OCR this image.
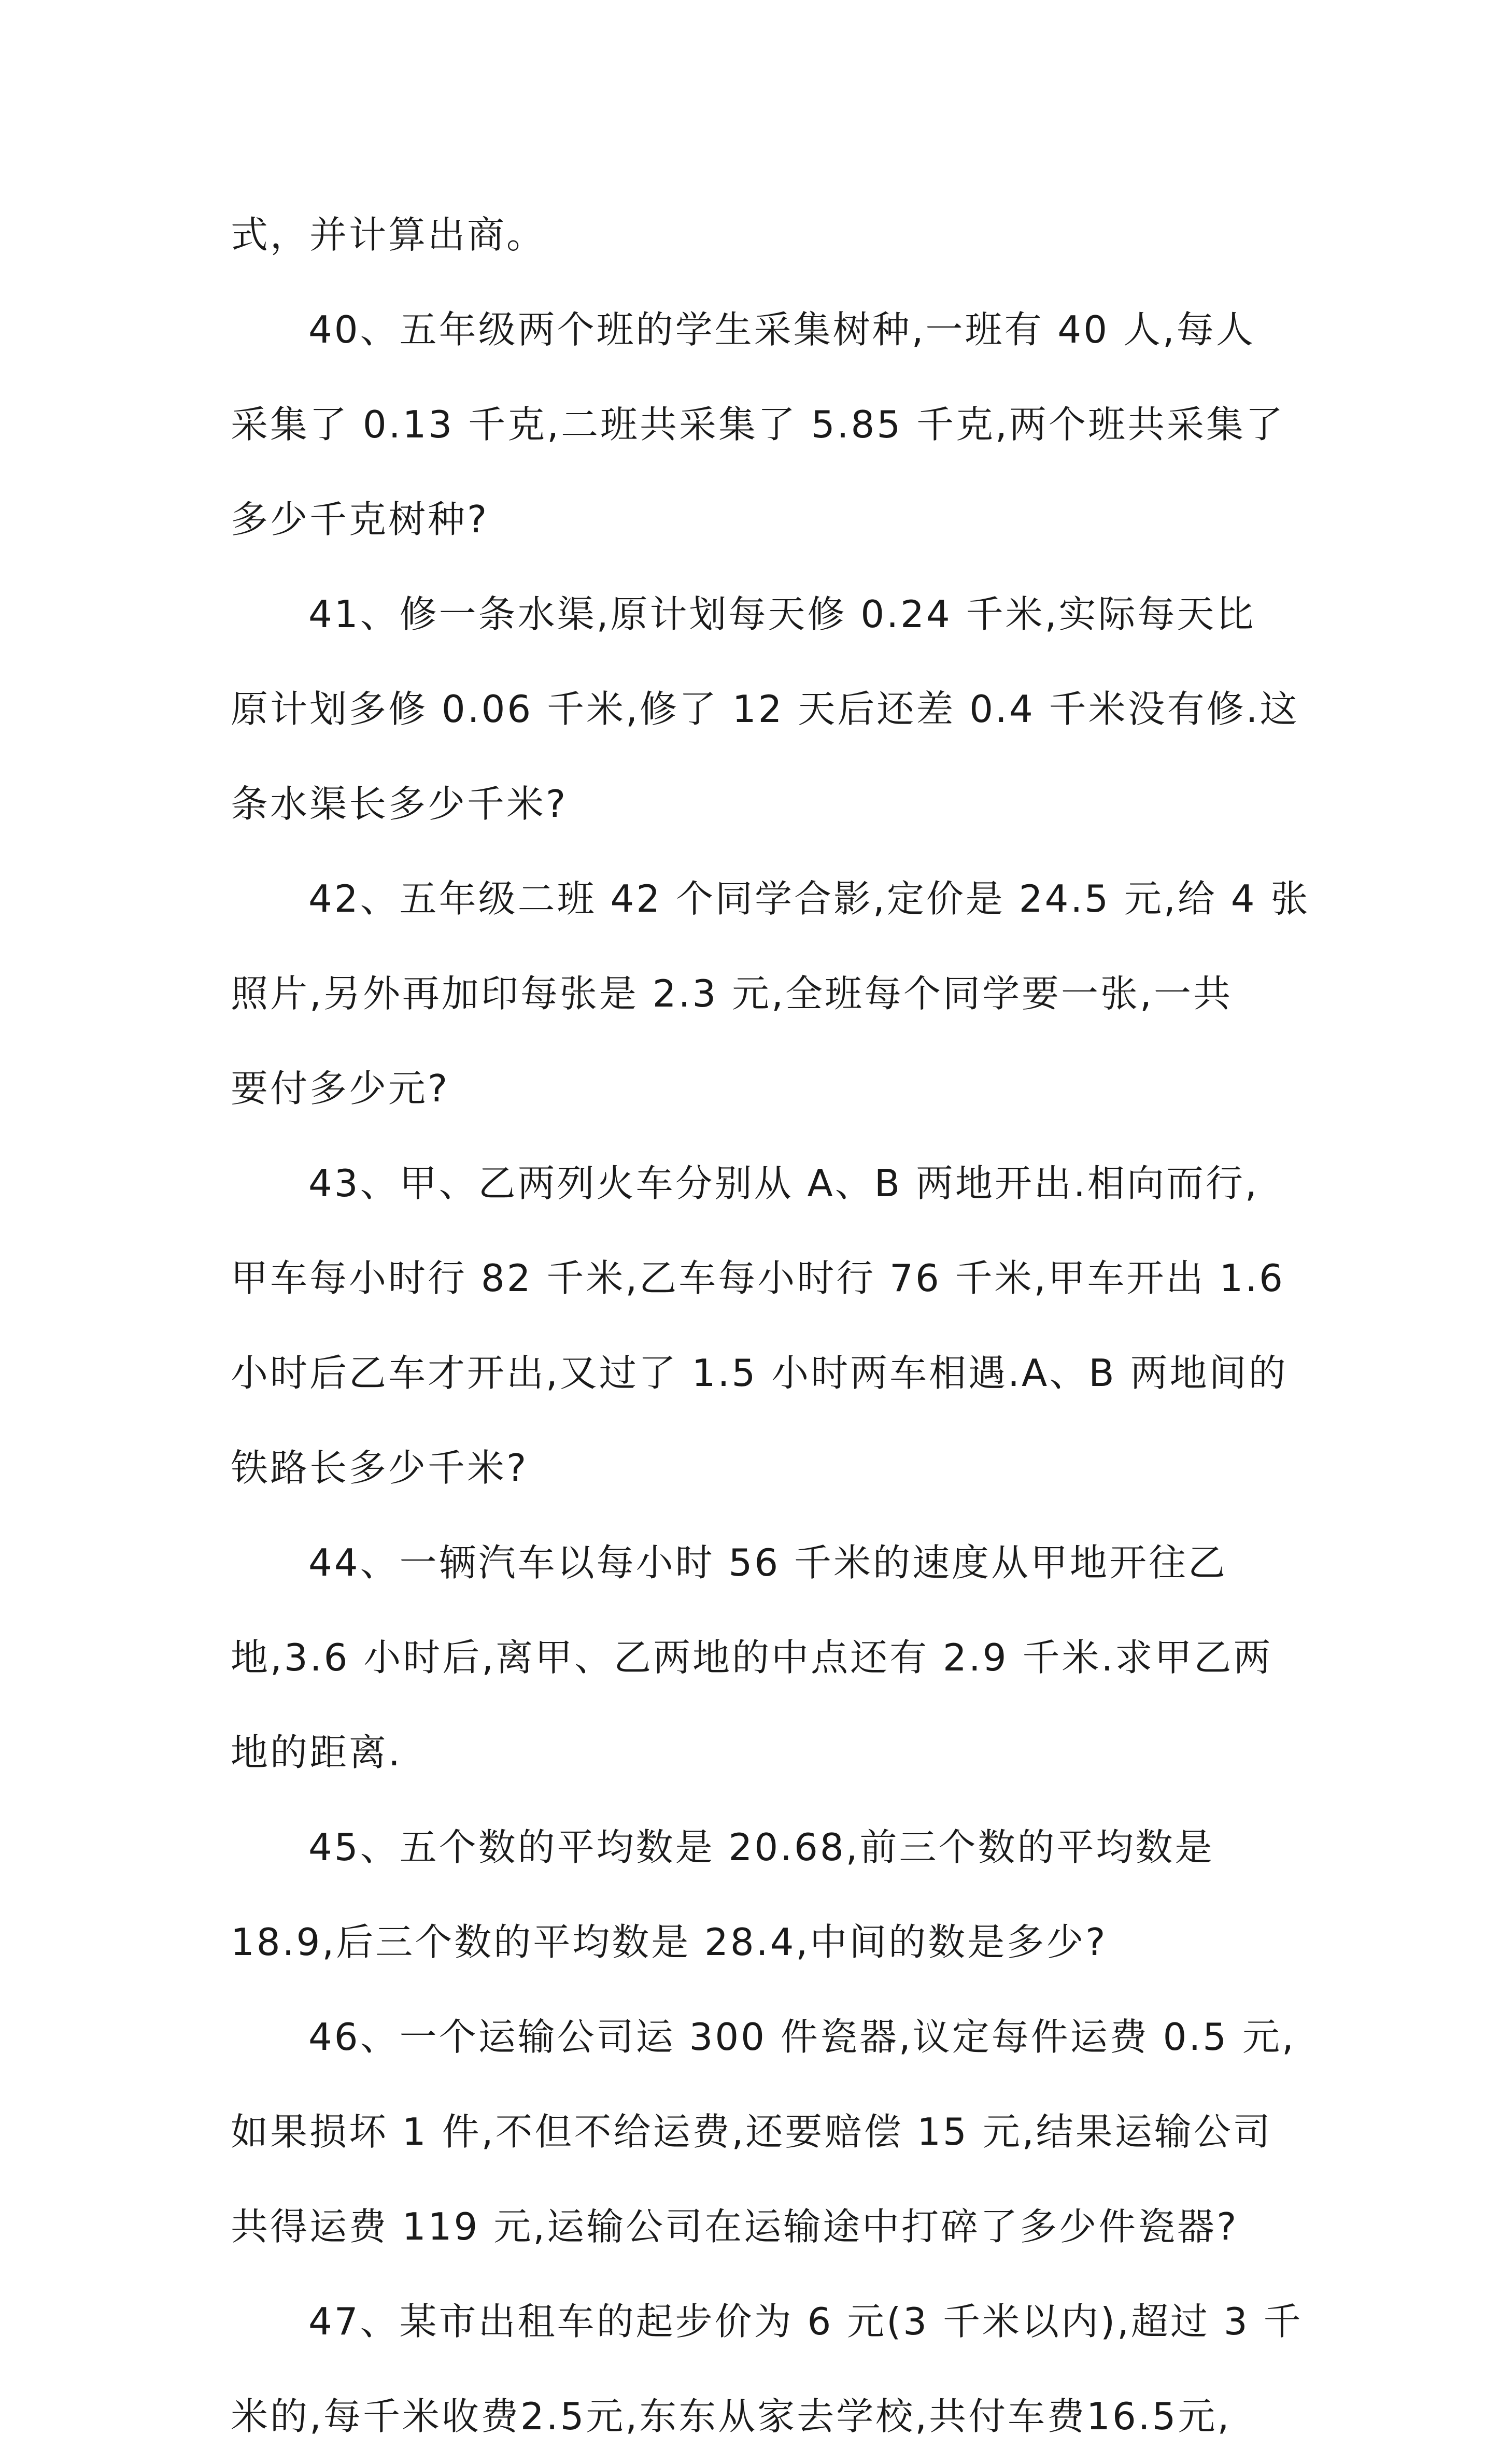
式，并计算出商。
40、五年级两个班的学生采集树种,一班有 40 人,每人
采集了 0.13 千克,二班共采集了 5.85 千克,两个班共采集了
多少千克树种?
41、修一条水渠,原计划每天修 0.24 千米,实际每天比
原计划多修 0.06 千米,修了 12 天后还差 0.4 千米没有修.这
条水渠长多少千米?
42、五年级二班 42 个同学合影,定价是 24.5 元,给 4 张
照片,另外再加印每张是 2.3 元,全班每个同学要一张,一共
要付多少元?
43、甲、乙两列火车分别从 A、B 两地开出.相向而行,
甲车每小时行 82 千米,乙车每小时行 76 千米,甲车开出 1.6
小时后乙车才开出,又过了 1.5 小时两车相遇.A、B 两地间的
铁路长多少千米?
44、一辆汽车以每小时 56 千米的速度从甲地开往乙
地,3.6 小时后,离甲、乙两地的中点还有 2.9 千米.求甲乙两
地的距离.
45、五个数的平均数是 20.68,前三个数的平均数是
18.9,后三个数的平均数是 28.4,中间的数是多少?
46、一个运输公司运 300 件瓷器,议定每件运费 0.5 元,
如果损坏 1 件,不但不给运费,还要赔偿 15 元,结果运输公司
共得运费 119 元,运输公司在运输途中打碎了多少件瓷器?
47、某市出租车的起步价为 6 元(3 千米以内),超过 3 千
米的,每千米收费2.5元,东东从家去学校,共付车费16.5元,
